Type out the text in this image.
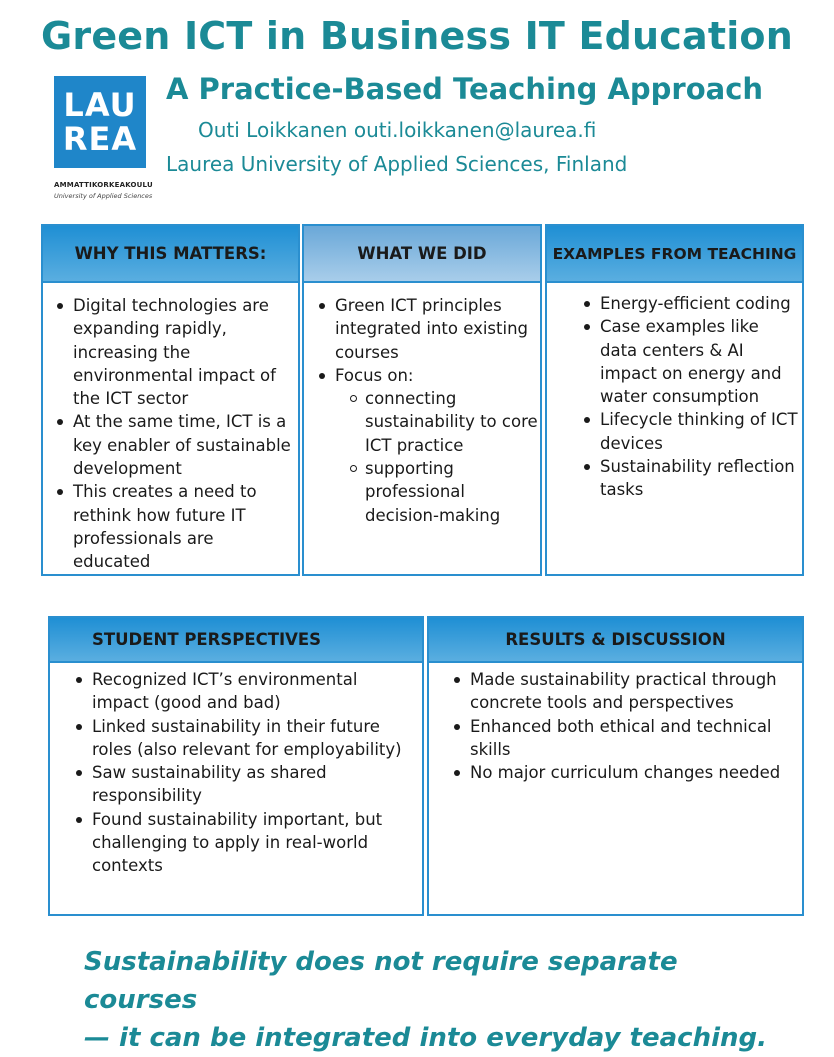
Green ICT in Business IT Education
LAU
REA
AMMATTIKORKEAKOULU
University of Applied Sciences
A Practice-Based Teaching Approach
Outi Loikkanen outi.loikkanen@laurea.fi
Laurea University of Applied Sciences, Finland
WHY THIS MATTERS:
Digital technologies are expanding rapidly, increasing the environmental impact of the ICT sector
At the same time, ICT is a key enabler of sustainable development
This creates a need to rethink how future IT professionals are educated
WHAT WE DID
Green ICT principles integrated into existing courses
Focus on:
connecting sustainability to core ICT practice
supporting professional decision-making
EXAMPLES FROM TEACHING
Energy-efficient coding
Case examples like data centers & AI impact on energy and water consumption
Lifecycle thinking of ICT devices
Sustainability reflection tasks
STUDENT PERSPECTIVES
Recognized ICT’s environmental impact (good and bad)
Linked sustainability in their future roles (also relevant for employability)
Saw sustainability as shared responsibility
Found sustainability important, but challenging to apply in real-world contexts
RESULTS & DISCUSSION
Made sustainability practical through concrete tools and perspectives
Enhanced both ethical and technical skills
No major curriculum changes needed
Sustainability does not require separate courses
— it can be integrated into everyday teaching.
